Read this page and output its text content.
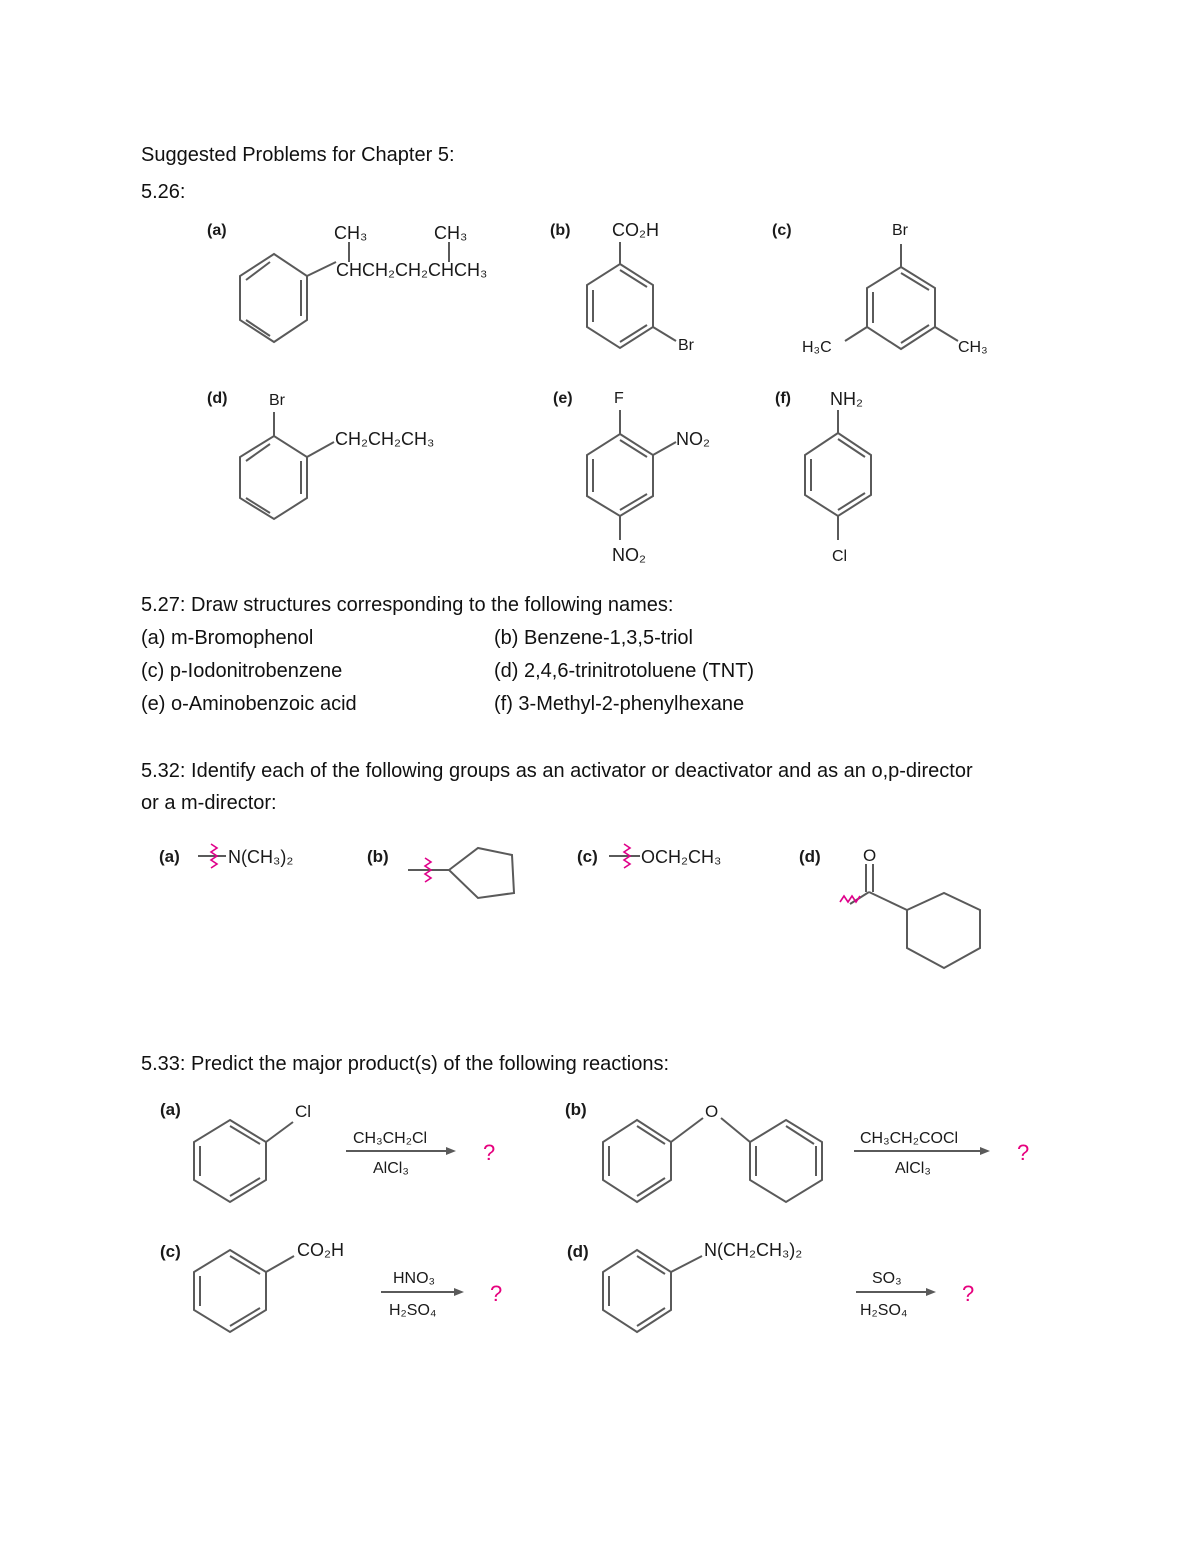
Suggested Problems for Chapter 5:
5.26:
5.27: Draw structures corresponding to the following names:
(a) m-Bromophenol	(b) Benzene-1,3,5-triol
(c) p-Iodonitrobenzene	(d) 2,4,6-trinitrotoluene (TNT)
(e) o-Aminobenzoic acid	(f) 3-Methyl-2-phenylhexane
5.32: Identify each of the following groups as an activator or deactivator and as an o,p-director
or a m-director:
5.33: Predict the major product(s) of the following reactions:
(a)	CH₃	CH₃
CHCH₂CH₂CHCH₃
(b) CO₂H
Br
(c)	Br
H₃C	CH₃
(d)	Br
CH₂CH₂CH₃
(e)	F
NO₂
NO₂
(f) NH₂
Cl
(a)	N(CH₃)₂	(b)	(c) OCH₂CH₃	(d) O
(a)	Cl
CH₃CH₂Cl
AlCl₃
?
(b)	O
CH₃CH₂COCl
AlCl₃
?
(c)	CO₂H
HNO₃
H₂SO₄
?
(d)	N(CH₂CH₃)₂
SO₃
H₂SO₄
?
